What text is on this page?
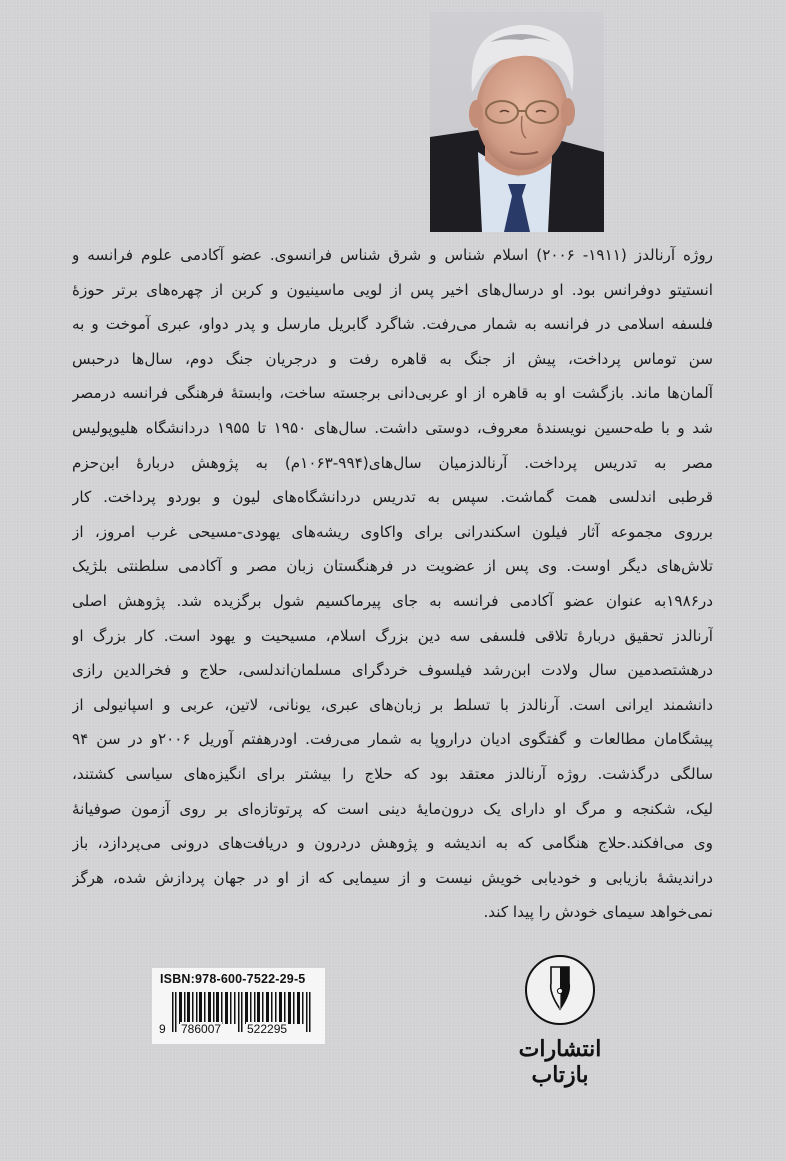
روژه آرنالدز (۱۹۱۱- ۲۰۰۶) اسلام شناس و شرق شناس فرانسوی. عضو آکادمی علوم فرانسه و
انستیتو دوفرانس بود. او درسال‌های اخیر پس از لویی ماسینیون و کربن از چهره‌های برتر حوزهٔ
فلسفه اسلامی در فرانسه به شمار می‌رفت. شاگرد گابریل مارسل و پدر دواو، عبری آموخت و به
سن توماس پرداخت، پیش از جنگ به قاهره رفت و درجریان جنگ دوم، سال‌ها درحبس
آلمان‌ها ماند. بازگشت او به قاهره از او عربی‌دانی برجسته ساخت، وابستهٔ فرهنگی فرانسه درمصر
شد و با طه‌حسین نویسندهٔ معروف، دوستی داشت. سال‌های ۱۹۵۰ تا ۱۹۵۵ دردانشگاه هلیوپولیس
مصر به تدریس پرداخت. آرنالدزمیان سال‌های(۹۹۴-۱۰۶۳م) به پژوهش دربارهٔ ابن‌حزم
قرطبی اندلسی همت گماشت. سپس به تدریس دردانشگاه‌های لیون و بوردو پرداخت. کار
برروی مجموعه آثار فیلون اسکندرانی برای واکاوی ریشه‌های یهودی-مسیحی غرب امروز، از
تلاش‌های دیگر اوست. وی پس از عضویت در فرهنگستان زبان مصر و آکادمی سلطنتی بلژیک
در۱۹۸۶به عنوان عضو آکادمی فرانسه به جای پیرماکسیم شول برگزیده شد. پژوهش اصلی
آرنالدز تحقیق دربارهٔ تلاقی فلسفی سه دین بزرگ اسلام، مسیحیت و یهود است. کار بزرگ او
درهشتصدمین سال ولادت ابن‌رشد فیلسوف خردگرای مسلمان‌اندلسی، حلاج و فخرالدین رازی
دانشمند ایرانی است. آرنالدز با تسلط بر زبان‌های عبری، یونانی، لاتین، عربی و اسپانیولی از
پیشگامان مطالعات و گفتگوی ادیان دراروپا به شمار می‌رفت. اودرهفتم آوریل ۲۰۰۶و در سن ۹۴
سالگی درگذشت. روژه آرنالدز معتقد بود که حلاج را بیشتر برای انگیزه‌های سیاسی کشتند،
لیک، شکنجه و مرگ او دارای یک درون‌مایهٔ دینی است که پرتوتازه‌ای بر روی آزمون صوفیانهٔ
وی می‌افکند.حلاج هنگامی که به اندیشه و پژوهش دردرون و دریافت‌های درونی می‌پردازد، باز
دراندیشهٔ بازیابی و خودیابی خویش نیست و از سیمایی که از او در جهان پردازش شده، هرگز
نمی‌خواهد سیمای خودش را پیدا کند.
ISBN:978-600-7522-29-5
9 786007 522295
انتشارات بازتاب
